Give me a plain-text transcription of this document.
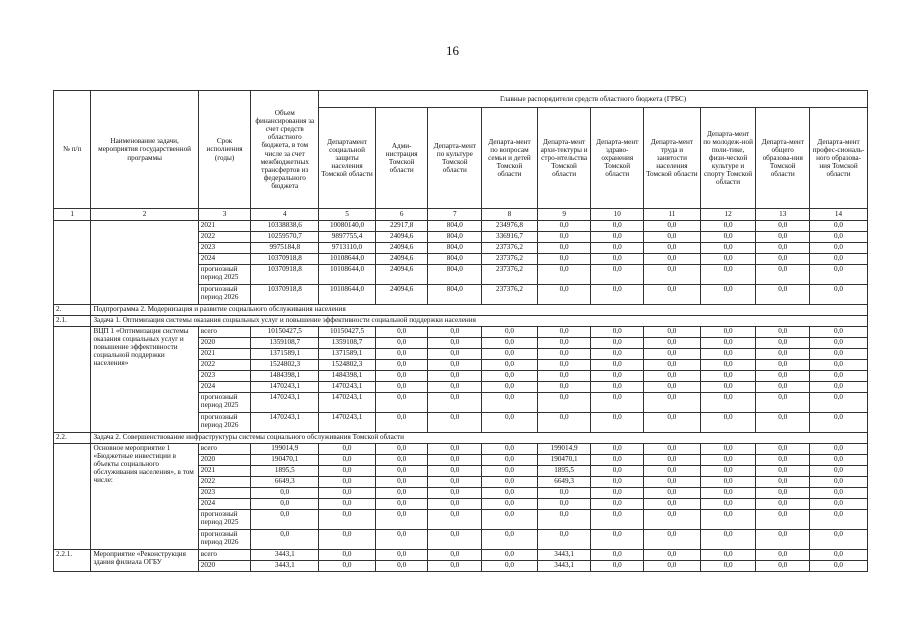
16
№ п/п	Наименование задачи, мероприятия государственной программы	Срок исполнения (годы)	Объем финансирования за счет средств областного бюджета, в том числе за счет межбюджетных трансфертов из федерального бюджета	Главные распорядители средств областного бюджета (ГРБС)									
				Департамент социальной защиты населения Томской области	Адми-нистрация Томской области	Департа-мент по культуре Томской области	Департа-мент по вопросам семьи и детей Томской области	Департа-мент архи-тектуры и стро-ительства Томской области	Департа-мент здраво-охранения Томской области	Департа-мент труда и занятости населения Томской области	Департа-мент по молодеж-ной поли-тике, физи-ческой культуре и спорту Томской области	Департа-мент общего образова-ния Томской области	Департа-мент профес-сиональ-ного образова-ния Томской области
1	2	3	4	5	6	7	8	9	10	11	12	13	14
		2021	10338838,6	10080140,0	22917,8	804,0	234976,8	0,0	0,0	0,0	0,0	0,0	0,0
		2022	10259570,7	9897755,4	24094,6	804,0	336916,7	0,0	0,0	0,0	0,0	0,0	0,0
		2023	9975184,8	9713110,0	24094,6	804,0	237376,2	0,0	0,0	0,0	0,0	0,0	0,0
		2024	10370918,8	10108644,0	24094,6	804,0	237376,2	0,0	0,0	0,0	0,0	0,0	0,0
		прогнозный период 2025	10370918,8	10108644,0	24094,6	804,0	237376,2	0,0	0,0	0,0	0,0	0,0	0,0
		прогнозный период 2026	10370918,8	10108644,0	24094,6	804,0	237376,2	0,0	0,0	0,0	0,0	0,0	0,0
2.	Подпрограмма 2. Модернизация и развитие социального обслуживания населения												
2.1.	Задача 1. Оптимизация системы оказания социальных услуг и повышение эффективности социальной поддержки населения												
	ВЦП 1 «Оптимизация системы оказания социальных услуг и повышение эффективности социальной поддержки населения»	всего	10150427,5	10150427,5	0,0	0,0	0,0	0,0	0,0	0,0	0,0	0,0	0,0
		2020	1359108,7	1359108,7	0,0	0,0	0,0	0,0	0,0	0,0	0,0	0,0	0,0
		2021	1371589,1	1371589,1	0,0	0,0	0,0	0,0	0,0	0,0	0,0	0,0	0,0
		2022	1524802,3	1524802,3	0,0	0,0	0,0	0,0	0,0	0,0	0,0	0,0	0,0
		2023	1484398,1	1484398,1	0,0	0,0	0,0	0,0	0,0	0,0	0,0	0,0	0,0
		2024	1470243,1	1470243,1	0,0	0,0	0,0	0,0	0,0	0,0	0,0	0,0	0,0
		прогнозный период 2025	1470243,1	1470243,1	0,0	0,0	0,0	0,0	0,0	0,0	0,0	0,0	0,0
		прогнозный период 2026	1470243,1	1470243,1	0,0	0,0	0,0	0,0	0,0	0,0	0,0	0,0	0,0
2.2.	Задача 2. Совершенствование инфраструктуры системы социального обслуживания Томской области												
	Основное мероприятие 1 «Бюджетные инвестиции в объекты социального обслуживания населения», в том числе:	всего	199014,9	0,0	0,0	0,0	0,0	199014,9	0,0	0,0	0,0	0,0	0,0
		2020	190470,1	0,0	0,0	0,0	0,0	190470,1	0,0	0,0	0,0	0,0	0,0
		2021	1895,5	0,0	0,0	0,0	0,0	1895,5	0,0	0,0	0,0	0,0	0,0
		2022	6649,3	0,0	0,0	0,0	0,0	6649,3	0,0	0,0	0,0	0,0	0,0
		2023	0,0	0,0	0,0	0,0	0,0	0,0	0,0	0,0	0,0	0,0	0,0
		2024	0,0	0,0	0,0	0,0	0,0	0,0	0,0	0,0	0,0	0,0	0,0
		прогнозный период 2025	0,0	0,0	0,0	0,0	0,0	0,0	0,0	0,0	0,0	0,0	0,0
		прогнозный период 2026	0,0	0,0	0,0	0,0	0,0	0,0	0,0	0,0	0,0	0,0	0,0
2.2.1.	Мероприятие «Реконструкция здания филиала ОГБУ	всего	3443,1	0,0	0,0	0,0	0,0	3443,1	0,0	0,0	0,0	0,0	0,0
		2020	3443,1	0,0	0,0	0,0	0,0	3443,1	0,0	0,0	0,0	0,0	0,0
